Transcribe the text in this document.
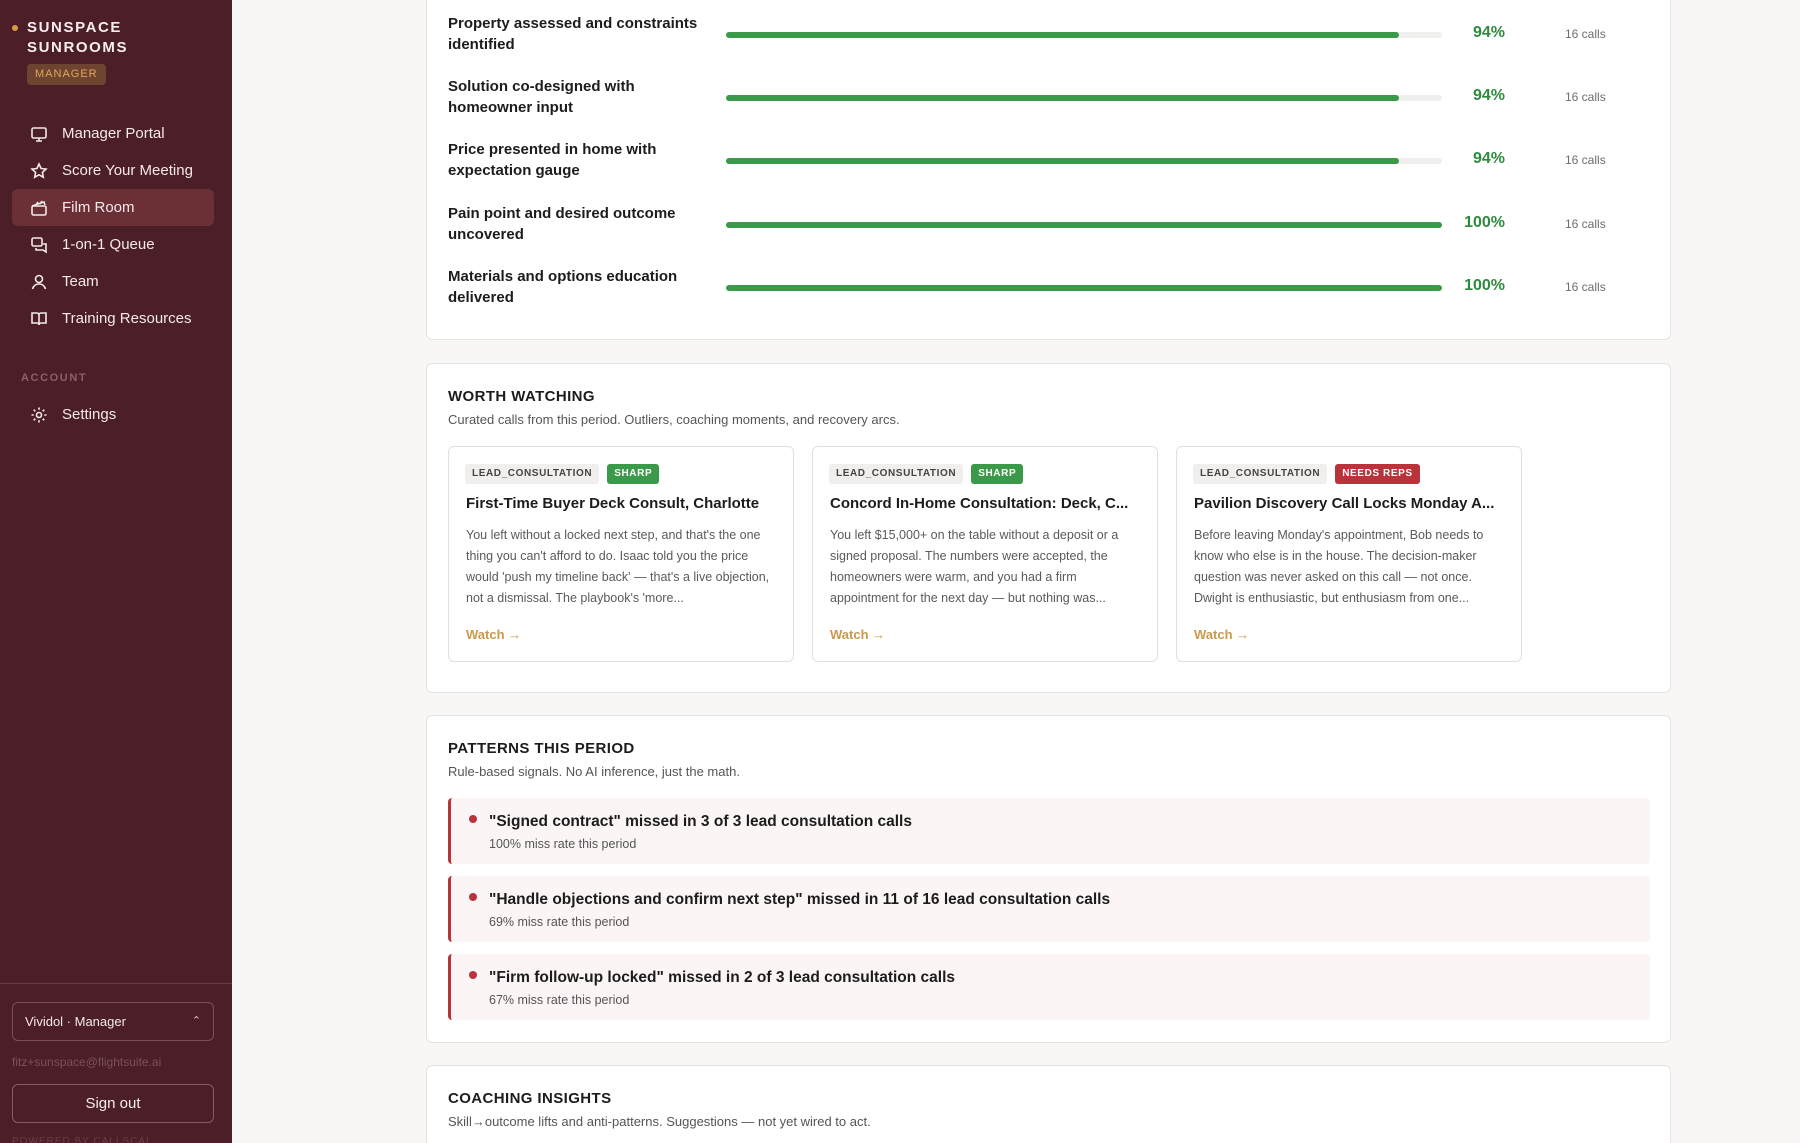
SUNSPACE SUNROOMS
MANAGER
Manager Portal
Score Your Meeting
Film Room
1-on-1 Queue
Team
Training Resources
ACCOUNT
Settings
Vividol · Manager	⌃

fitz+sunspace@flightsuite.ai
Sign out
POWERED BY CALLSCAL
Property assessed and constraints identified
94%	16 calls
Solution co-designed with homeowner input
94%	16 calls
Price presented in home with expectation gauge
94%	16 calls
Pain point and desired outcome uncovered
100%	16 calls
Materials and options education delivered
100%	16 calls
WORTH WATCHING
Curated calls from this period. Outliers, coaching moments, and recovery arcs.
LEAD_CONSULTATION	SHARP
First-Time Buyer Deck Consult, Charlotte
You left without a locked next step, and that's the one thing you can't afford to do. Isaac told you the price would 'push my timeline back' — that's a live objection, not a dismissal. The playbook's 'more...
Watch →
LEAD_CONSULTATION	SHARP
Concord In-Home Consultation: Deck, C...
You left $15,000+ on the table without a deposit or a signed proposal. The numbers were accepted, the homeowners were warm, and you had a firm appointment for the next day — but nothing was...
Watch →
LEAD_CONSULTATION	NEEDS REPS
Pavilion Discovery Call Locks Monday A...
Before leaving Monday's appointment, Bob needs to know who else is in the house. The decision-maker question was never asked on this call — not once. Dwight is enthusiastic, but enthusiasm from one...
Watch →
PATTERNS THIS PERIOD
Rule-based signals. No AI inference, just the math.
"Signed contract" missed in 3 of 3 lead consultation calls
100% miss rate this period
"Handle objections and confirm next step" missed in 11 of 16 lead consultation calls
69% miss rate this period
"Firm follow-up locked" missed in 2 of 3 lead consultation calls
67% miss rate this period
COACHING INSIGHTS
Skill→outcome lifts and anti-patterns. Suggestions — not yet wired to act.
